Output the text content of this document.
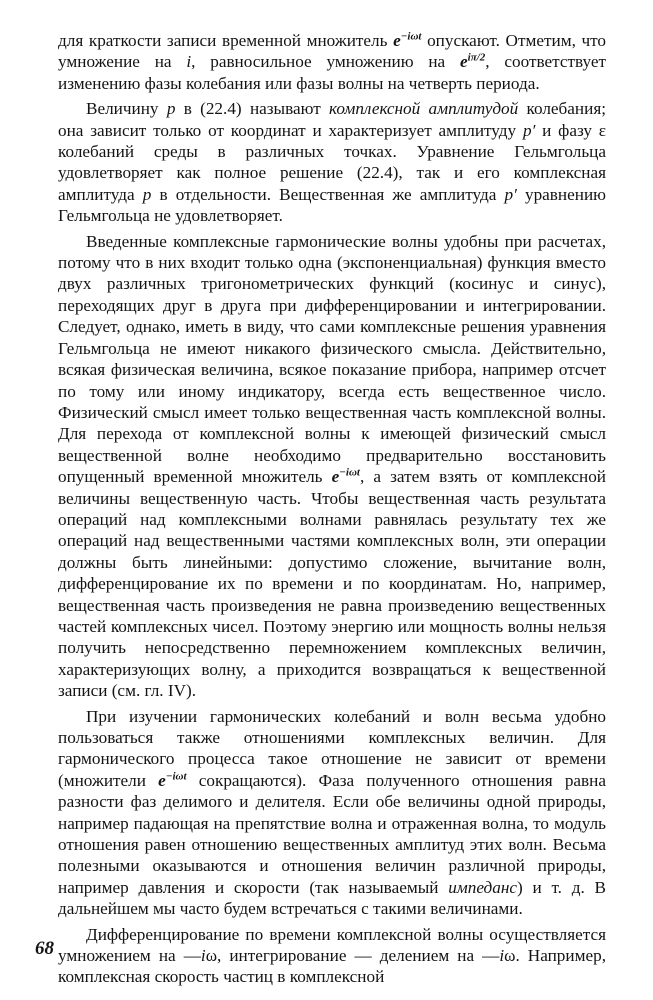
для краткости записи временной множитель $e^{-i\omega t}$ опускают. Отметим, что умножение на i, равносильное умножению на $e^{i\pi/2}$, соответствует изменению фазы колебания или фазы волны на четверть периода.

Величину p в (22.4) называют комплексной амплитудой колебания; она зависит только от координат и характеризует амплитуду p′ и фазу ε колебаний среды в различных точках. Уравнение Гельмгольца удовлетворяет как полное решение (22.4), так и его комплексная амплитуда p в отдельности. Вещественная же амплитуда p′ уравнению Гельмгольца не удовлетворяет.

Введенные комплексные гармонические волны удобны при расчетах, потому что в них входит только одна (экспоненциальная) функция вместо двух различных тригонометрических функций (косинус и синус), переходящих друг в друга при дифференцировании и интегрировании. Следует, однако, иметь в виду, что сами комплексные решения уравнения Гельмгольца не имеют никакого физического смысла. Действительно, всякая физическая величина, всякое показание прибора, например отсчет по тому или иному индикатору, всегда есть вещественное число. Физический смысл имеет только вещественная часть комплексной волны. Для перехода от комплексной волны к имеющей физический смысл вещественной волне необходимо предварительно восстановить опущенный временной множитель $e^{-i\omega t}$, а затем взять от комплексной величины вещественную часть. Чтобы вещественная часть результата операций над комплексными волнами равнялась результату тех же операций над вещественными частями комплексных волн, эти операции должны быть линейными: допустимо сложение, вычитание волн, дифференцирование их по времени и по координатам. Но, например, вещественная часть произведения не равна произведению вещественных частей комплексных чисел. Поэтому энергию или мощность волны нельзя получить непосредственно перемножением комплексных величин, характеризующих волну, а приходится возвращаться к вещественной записи (см. гл. IV).

При изучении гармонических колебаний и волн весьма удобно пользоваться также отношениями комплексных величин. Для гармонического процесса такое отношение не зависит от времени (множители $e^{-i\omega t}$ сокращаются). Фаза полученного отношения равна разности фаз делимого и делителя. Если обе величины одной природы, например падающая на препятствие волна и отраженная волна, то модуль отношения равен отношению вещественных амплитуд этих волн. Весьма полезными оказываются и отношения величин различной природы, например давления и скорости (так называемый импеданс) и т. д. В дальнейшем мы часто будем встречаться с такими величинами.

Дифференцирование по времени комплексной волны осуществляется умножением на —iω, интегрирование — делением на —iω. Например, комплексная скорость частиц в комплексной

68
